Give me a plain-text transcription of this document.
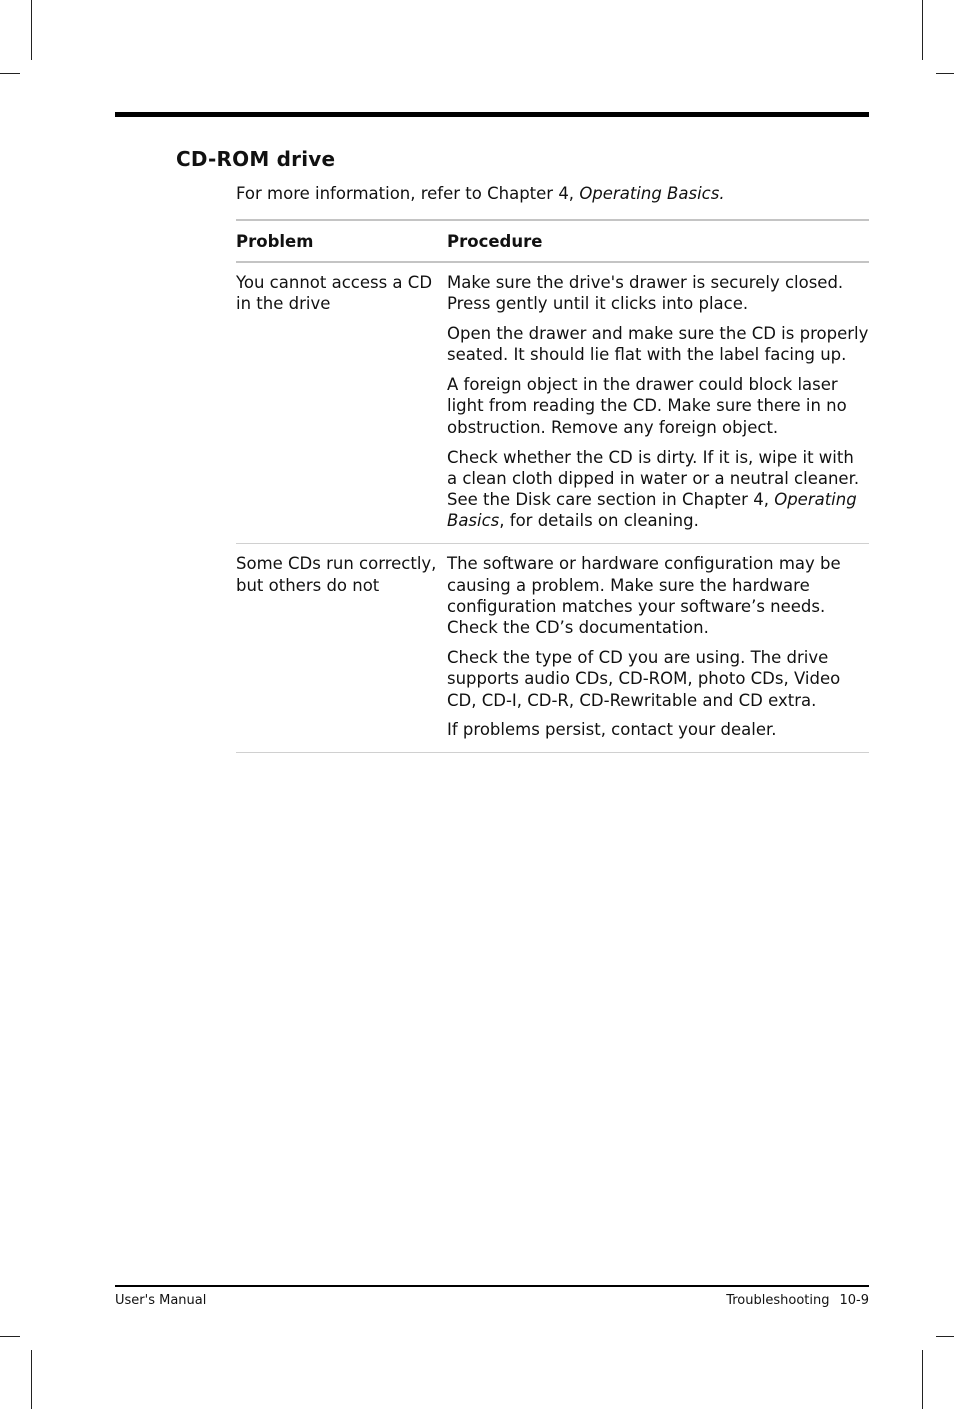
CD-ROM drive

For more information, refer to Chapter 4, Operating Basics.

Problem	Procedure
You cannot access a CD in the drive

Make sure the drive's drawer is securely closed. Press gently until it clicks into place.

Open the drawer and make sure the CD is properly seated. It should lie flat with the label facing up.

A foreign object in the drawer could block laser light from reading the CD. Make sure there in no obstruction. Remove any foreign object.

Check whether the CD is dirty. If it is, wipe it with a clean cloth dipped in water or a neutral cleaner. See the Disk care section in Chapter 4, Operating Basics, for details on cleaning.

Some CDs run correctly, but others do not

The software or hardware configuration may be causing a problem. Make sure the hardware configuration matches your software’s needs. Check the CD’s documentation.

Check the type of CD you are using. The drive supports audio CDs, CD-ROM, photo CDs, Video CD, CD-I, CD-R, CD-Rewritable and CD extra.

If problems persist, contact your dealer.

User's Manual	Troubleshooting 10-9
